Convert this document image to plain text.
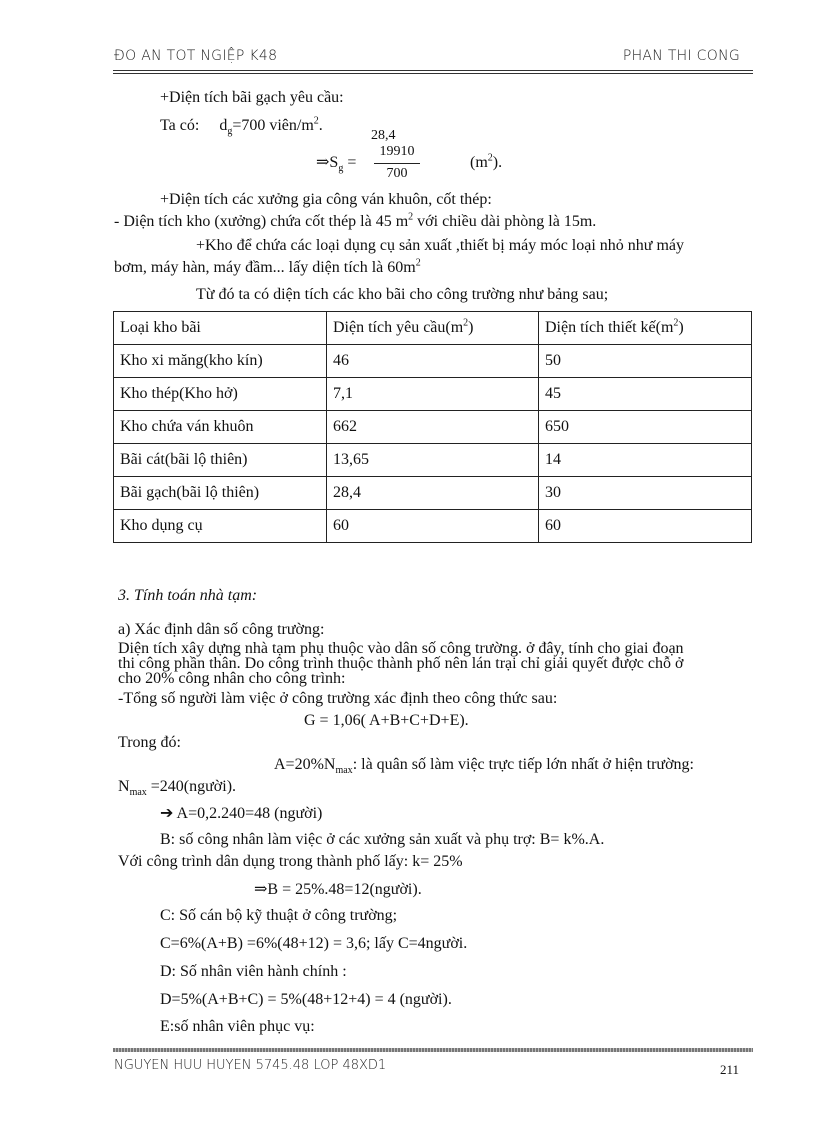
ĐO AN TOT NGIỆP K48	PHAN THI CONG
+Diện tích bãi gạch yêu cầu:
Ta có: $d_g=700$ viên/$m^2$.
28,4
$\Rightarrow S_g$ =
19910
700
$(m^2)$.
+Diện tích các xưởng gia công ván khuôn, cốt thép:
- Diện tích kho (xưởng) chứa cốt thép là 45 $m^2$ với chiều dài phòng là 15m.
+Kho để chứa các loại dụng cụ sản xuất ,thiết bị máy móc loại nhỏ như máy
bơm, máy hàn, máy đầm... lấy diện tích là $60m^2$
Từ đó ta có diện tích các kho bãi cho công trường như bảng sau;
Loại kho bãi	Diện tích yêu $cầu(m^2)$	Diện tích thiết $kế(m^2)$
Kho xi măng(kho kín)	46	50
Kho thép(Kho hở)	7,1	45
Kho chứa ván khuôn	662	650
Bãi cát(bãi lộ thiên)	13,65	14
Bãi gạch(bãi lộ thiên)	28,4	30
Kho dụng cụ	60	60
3. Tính toán nhà tạm:
a) Xác định dân số công trường:
Diện tích xây dựng nhà tạm phụ thuộc vào dân số công trường. ở đây, tính cho giai đoạn
thi công phần thân. Do công trình thuộc thành phố nên lán trại chỉ giải quyết được chỗ ở
cho 20% công nhân cho công trình:
-Tổng số người làm việc ở công trường xác định theo công thức sau:
G = 1,06( A+B+C+D+E).
Trong đó:
$A=20\%N_{max}$: là quân số làm việc trực tiếp lớn nhất ở hiện trường:
$N_{max}$ =240(người).
➔ A=0,2.240=48 (người)
B: số công nhân làm việc ở các xưởng sản xuất và phụ trợ: B= k%.A.
Với công trình dân dụng trong thành phố lấy: k= 25%
⇒B = 25%.48=12(người).
C: Số cán bộ kỹ thuật ở công trường;
C=6%(A+B) =6%(48+12) = 3,6; lấy C=4người.
D: Số nhân viên hành chính :
D=5%(A+B+C) = 5%(48+12+4) = 4 (người).
E:số nhân viên phục vụ:
NGUYEN HUU HUYEN 5745.48 LOP 48XD1	211
